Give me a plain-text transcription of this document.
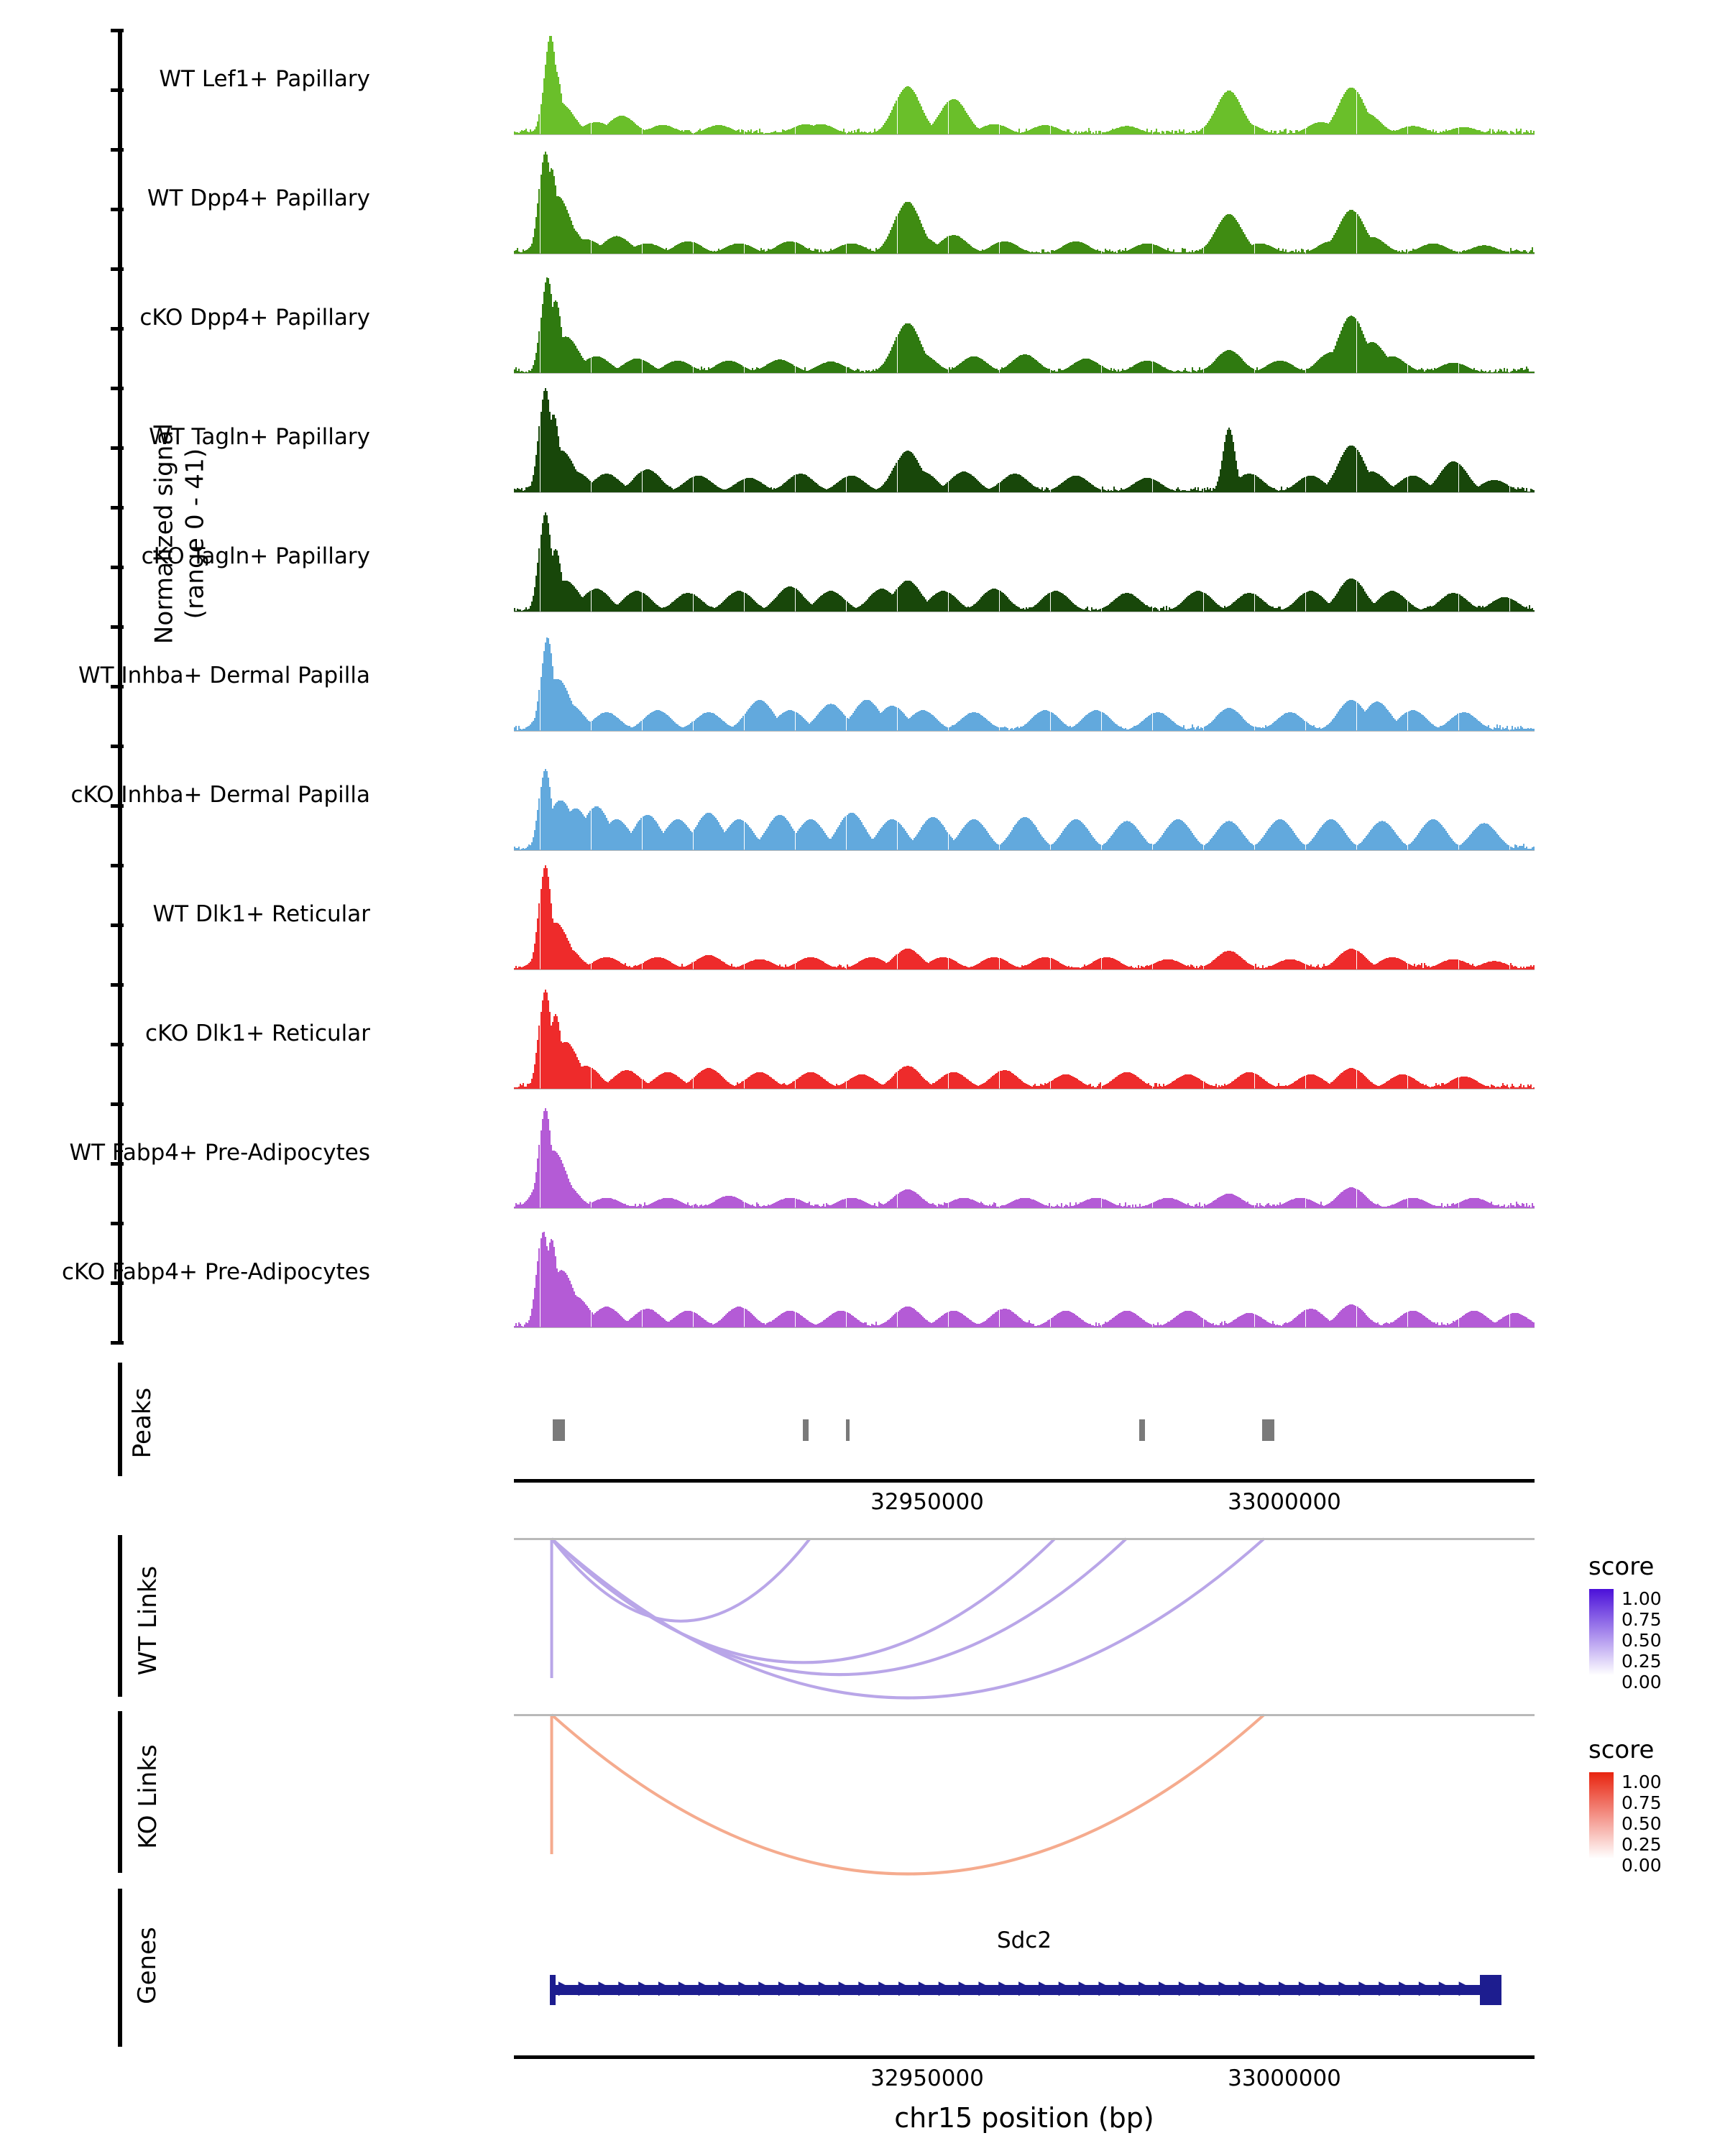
Normalized signal (range 0 - 41)
WT Lef1+ Papillary
WT Dpp4+ Papillary
cKO Dpp4+ Papillary
WT Tagln+ Papillary
cKO Tagln+ Papillary
WT Inhba+ Dermal Papilla
cKO Inhba+ Dermal Papilla
WT Dlk1+ Reticular
cKO Dlk1+ Reticular
WT Fabp4+ Pre-Adipocytes
cKO Fabp4+ Pre-Adipocytes
Peaks
32950000	33000000
WT Links
KO Links
score
1.00
0.75
0.50
0.25
0.00
score
1.00
0.75
0.50
0.25
0.00
Genes	Sdc2
▶ ▶ ▶ ▶ ▶ ▶ ▶ ▶ ▶ ▶ ▶ ▶ ▶ ▶ ▶ ▶ ▶ ▶ ▶ ▶ ▶ ▶ ▶ ▶ ▶ ▶ ▶ ▶ ▶ ▶ ▶ ▶ ▶ ▶ ▶ ▶ ▶ ▶ ▶ ▶ ▶ ▶ ▶ ▶ ▶ ▶
32950000	33000000
chr15 position (bp)
